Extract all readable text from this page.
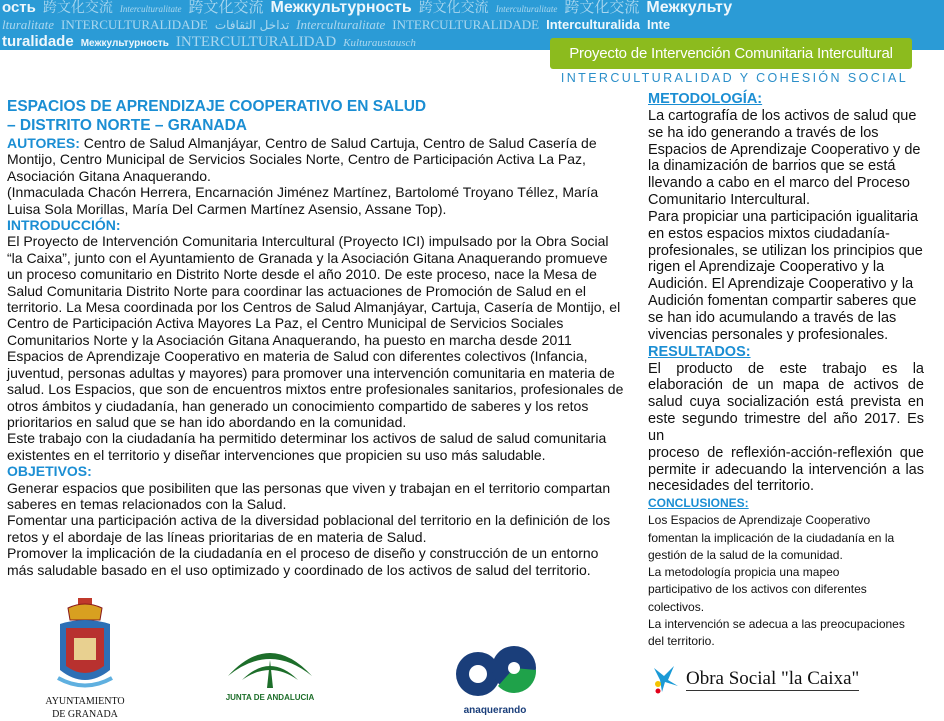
ость 跨文化交流 Interculturalitate 跨文化交流 Межкультурность 跨文化交流 Interculturalitate 跨文化交流 Межкульту
lturalitate INTERCULTURALIDADE تداخل الثقافات Interculturalitate INTERCULTURALIDADE Interculturalida Inte
turalidade Межкультурность INTERCULTURALIDAD Kulturaustausch
Proyecto de Intervención Comunitaria Intercultural
INTERCULTURALIDAD Y COHESIÓN SOCIAL
ESPACIOS DE APRENDIZAJE COOPERATIVO EN SALUD
– DISTRITO NORTE – GRANADA
AUTORES: Centro de Salud Almanjáyar, Centro de Salud Cartuja, Centro de Salud Casería de
Montijo, Centro Municipal de Servicios Sociales Norte, Centro de Participación Activa La Paz,
Asociación Gitana Anaquerando.
(Inmaculada Chacón Herrera, Encarnación Jiménez Martínez, Bartolomé Troyano Téllez, María
Luisa Sola Morillas, María Del Carmen Martínez Asensio, Assane Top).
INTRODUCCIÓN:
El Proyecto de Intervención Comunitaria Intercultural (Proyecto ICI) impulsado por la Obra Social
“la Caixa”, junto con el Ayuntamiento de Granada y la Asociación Gitana Anaquerando promueve
un proceso comunitario en Distrito Norte desde el año 2010. De este proceso, nace la Mesa de
Salud Comunitaria Distrito Norte para coordinar las actuaciones de Promoción de Salud en el
territorio. La Mesa coordinada por los Centros de Salud Almanjáyar, Cartuja, Casería de Montijo, el
Centro de Participación Activa Mayores La Paz, el Centro Municipal de Servicios Sociales
Comunitarios Norte y la Asociación Gitana Anaquerando, ha puesto en marcha desde 2011
Espacios de Aprendizaje Cooperativo en materia de Salud con diferentes colectivos (Infancia,
juventud, personas adultas y mayores) para promover una intervención comunitaria en materia de
salud. Los Espacios, que son de encuentros mixtos entre profesionales sanitarios, profesionales de
otros ámbitos y ciudadanía, han generado un conocimiento compartido de saberes y los retos
prioritarios en salud que se han ido abordando en la comunidad.
Este trabajo con la ciudadanía ha permitido determinar los activos de salud de salud comunitaria
existentes en el territorio y diseñar intervenciones que propicien su uso más saludable.
OBJETIVOS:
Generar espacios que posibiliten que las personas que viven y trabajan en el territorio compartan
saberes en temas relacionados con la Salud.
Fomentar una participación activa de la diversidad poblacional del territorio en la definición de los
retos y el abordaje de las líneas prioritarias de en materia de Salud.
Promover la implicación de la ciudadanía en el proceso de diseño y construcción de un entorno
más saludable basado en el uso optimizado y coordinado de los activos de salud del territorio.
METODOLOGÍA:
La cartografía de los activos de salud que
se ha ido generando a través de los
Espacios de Aprendizaje Cooperativo y de
la dinamización de barrios que se está
llevando a cabo en el marco del Proceso
Comunitario Intercultural.
Para propiciar una participación igualitaria
en estos espacios mixtos ciudadanía-
profesionales, se utilizan los principios que
rigen el Aprendizaje Cooperativo y la
Audición. El Aprendizaje Cooperativo y la
Audición fomentan compartir saberes que
se han ido acumulando a través de las
vivencias personales y profesionales.
RESULTADOS:
El producto de este trabajo es la
elaboración de un mapa de activos de
salud cuya socialización está prevista en
este segundo trimestre del año 2017. Es un
proceso de reflexión-acción-reflexión que
permite ir adecuando la intervención a las
necesidades del territorio.
CONCLUSIONES:
Los Espacios de Aprendizaje Cooperativo
fomentan la implicación de la ciudadanía en la
gestión de la salud de la comunidad.
La metodología propicia una mapeo
participativo de los activos con diferentes
colectivos.
La intervención se adecua a las preocupaciones
del territorio.
AYUNTAMIENTO
DE GRANADA
JUNTA DE ANDALUCIA
anaquerando
Obra Social "la Caixa"
